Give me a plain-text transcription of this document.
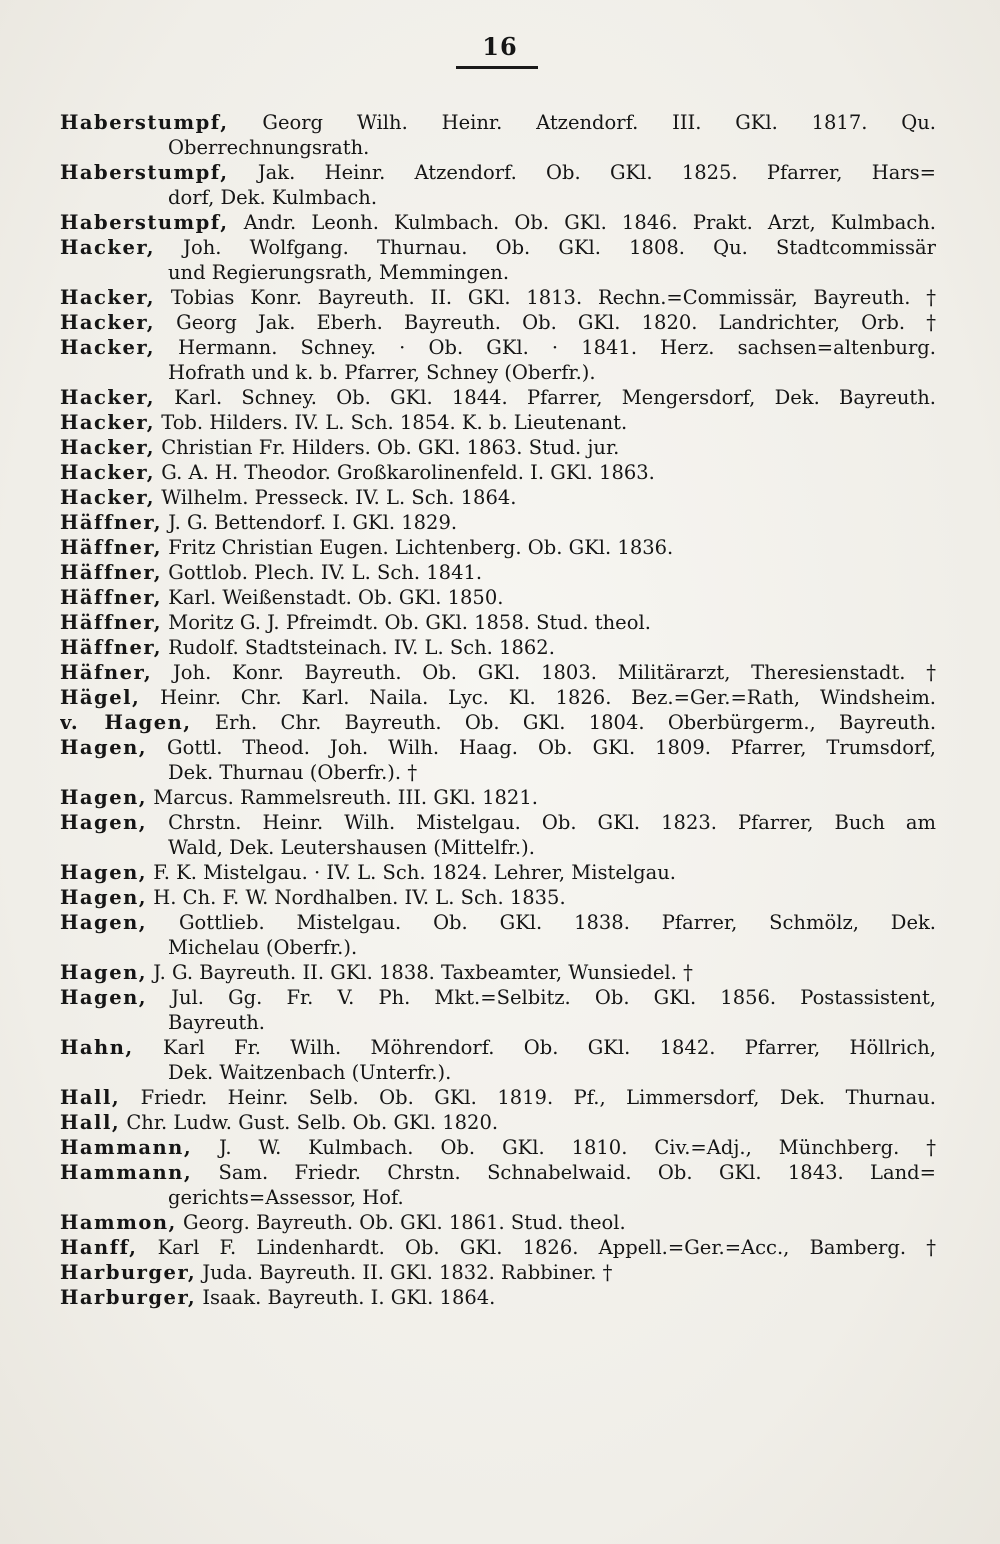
16
Haberstumpf, Georg Wilh. Heinr. Atzendorf. III. GKl. 1817. Qu.
Oberrechnungsrath.
Haberstumpf, Jak. Heinr. Atzendorf. Ob. GKl. 1825. Pfarrer, Hars=
dorf, Dek. Kulmbach.
Haberstumpf, Andr. Leonh. Kulmbach. Ob. GKl. 1846. Prakt. Arzt, Kulmbach.
Hacker, Joh. Wolfgang. Thurnau. Ob. GKl. 1808. Qu. Stadtcommissär
und Regierungsrath, Memmingen.
Hacker, Tobias Konr. Bayreuth. II. GKl. 1813. Rechn.=Commissär, Bayreuth. †
Hacker, Georg Jak. Eberh. Bayreuth. Ob. GKl. 1820. Landrichter, Orb. †
Hacker, Hermann. Schney. · Ob. GKl. · 1841. Herz. sachsen=altenburg.
Hofrath und k. b. Pfarrer, Schney (Oberfr.).
Hacker, Karl. Schney. Ob. GKl. 1844. Pfarrer, Mengersdorf, Dek. Bayreuth.
Hacker, Tob. Hilders. IV. L. Sch. 1854. K. b. Lieutenant.
Hacker, Christian Fr. Hilders. Ob. GKl. 1863. Stud. jur.
Hacker, G. A. H. Theodor. Großkarolinenfeld. I. GKl. 1863.
Hacker, Wilhelm. Presseck. IV. L. Sch. 1864.
Häffner, J. G. Bettendorf. I. GKl. 1829.
Häffner, Fritz Christian Eugen. Lichtenberg. Ob. GKl. 1836.
Häffner, Gottlob. Plech. IV. L. Sch. 1841.
Häffner, Karl. Weißenstadt. Ob. GKl. 1850.
Häffner, Moritz G. J. Pfreimdt. Ob. GKl. 1858. Stud. theol.
Häffner, Rudolf. Stadtsteinach. IV. L. Sch. 1862.
Häfner, Joh. Konr. Bayreuth. Ob. GKl. 1803. Militärarzt, Theresienstadt. †
Hägel, Heinr. Chr. Karl. Naila. Lyc. Kl. 1826. Bez.=Ger.=Rath, Windsheim.
v. Hagen, Erh. Chr. Bayreuth. Ob. GKl. 1804. Oberbürgerm., Bayreuth.
Hagen, Gottl. Theod. Joh. Wilh. Haag. Ob. GKl. 1809. Pfarrer, Trumsdorf,
Dek. Thurnau (Oberfr.). †
Hagen, Marcus. Rammelsreuth. III. GKl. 1821.
Hagen, Chrstn. Heinr. Wilh. Mistelgau. Ob. GKl. 1823. Pfarrer, Buch am
Wald, Dek. Leutershausen (Mittelfr.).
Hagen, F. K. Mistelgau. · IV. L. Sch. 1824. Lehrer, Mistelgau.
Hagen, H. Ch. F. W. Nordhalben. IV. L. Sch. 1835.
Hagen, Gottlieb. Mistelgau. Ob. GKl. 1838. Pfarrer, Schmölz, Dek.
Michelau (Oberfr.).
Hagen, J. G. Bayreuth. II. GKl. 1838. Taxbeamter, Wunsiedel. †
Hagen, Jul. Gg. Fr. V. Ph. Mkt.=Selbitz. Ob. GKl. 1856. Postassistent,
Bayreuth.
Hahn, Karl Fr. Wilh. Möhrendorf. Ob. GKl. 1842. Pfarrer, Höllrich,
Dek. Waitzenbach (Unterfr.).
Hall, Friedr. Heinr. Selb. Ob. GKl. 1819. Pf., Limmersdorf, Dek. Thurnau.
Hall, Chr. Ludw. Gust. Selb. Ob. GKl. 1820.
Hammann, J. W. Kulmbach. Ob. GKl. 1810. Civ.=Adj., Münchberg. †
Hammann, Sam. Friedr. Chrstn. Schnabelwaid. Ob. GKl. 1843. Land=
gerichts=Assessor, Hof.
Hammon, Georg. Bayreuth. Ob. GKl. 1861. Stud. theol.
Hanff, Karl F. Lindenhardt. Ob. GKl. 1826. Appell.=Ger.=Acc., Bamberg. †
Harburger, Juda. Bayreuth. II. GKl. 1832. Rabbiner. †
Harburger, Isaak. Bayreuth. I. GKl. 1864.
